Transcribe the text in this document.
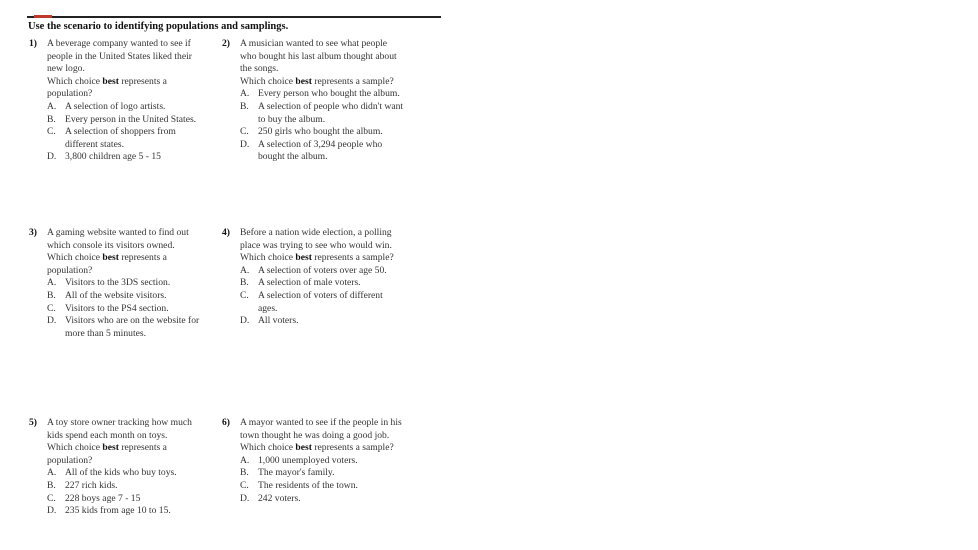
Use the scenario to identifying populations and samplings.
1) A beverage company wanted to see if people in the United States liked their new logo.

Which choice best represents a population?

A. A selection of logo artists.

B. Every person in the United States.

C. A selection of shoppers from different states.

D. 3,800 children age 5 - 15

2) A musician wanted to see what people who bought his last album thought about the songs.

Which choice best represents a sample?

A. Every person who bought the album.

B. A selection of people who didn't want to buy the album.

C. 250 girls who bought the album.

D. A selection of 3,294 people who bought the album.

3) A gaming website wanted to find out which console its visitors owned.

Which choice best represents a population?

A. Visitors to the 3DS section.

B. All of the website visitors.

C. Visitors to the PS4 section.

D. Visitors who are on the website for more than 5 minutes.

4) Before a nation wide election, a polling place was trying to see who would win.

Which choice best represents a sample?

A. A selection of voters over age 50.

B. A selection of male voters.

C. A selection of voters of different ages.

D. All voters.

5) A toy store owner tracking how much kids spend each month on toys.

Which choice best represents a population?

A. All of the kids who buy toys.

B. 227 rich kids.

C. 228 boys age 7 - 15

D. 235 kids from age 10 to 15.

6) A mayor wanted to see if the people in his town thought he was doing a good job.

Which choice best represents a sample?

A. 1,000 unemployed voters.

B. The mayor's family.

C. The residents of the town.

D. 242 voters.
